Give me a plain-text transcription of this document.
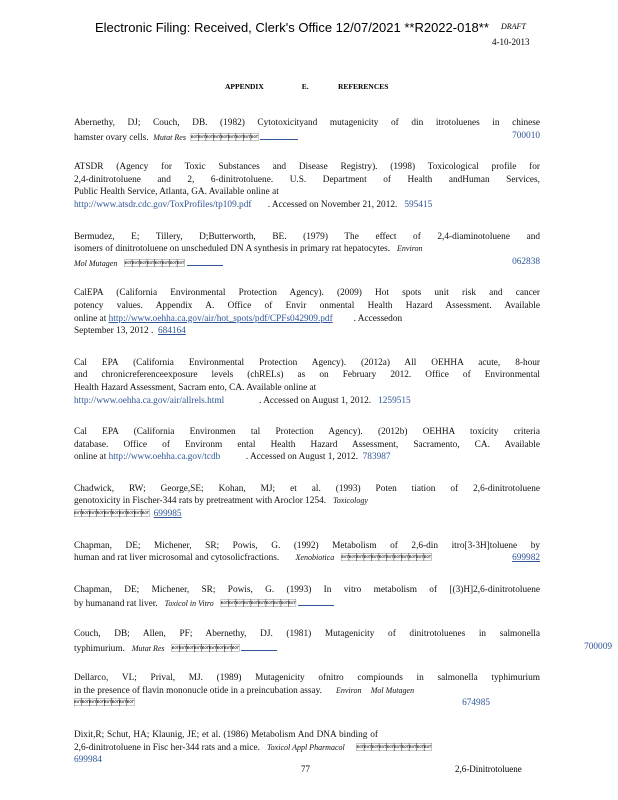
Electronic Filing: Received, Clerk's Office 12/07/2021 **R2022-018** DRAFT
4-10-2013
APPENDIX	E.	REFERENCES
Abernethy, DJ; Couch, DB. (1982) Cytotoxicityand mutagenicity of din itrotoluenes in chinese
hamster ovary cells. Mutat Res 	700010
ATSDR (Agency for Toxic Substances and Disease Registry). (1998) Toxicological profile for
2,4-dinitrotoluene and 2, 6-dinitrotoluene. U.S. Department of Health andHuman Services,
Public Health Service, Atlanta, GA. Available online at
http://www.atsdr.cdc.gov/ToxProfiles/tp109.pdf . Accessed on November 21, 2012. 595415
Bermudez, E; Tillery, D;Butterworth, BE. (1979) The effect of 2,4-diaminotoluene and
isomers of dinitrotoluene on unscheduled DN A synthesis in primary rat hepatocytes. Environ
Mol Mutagen 	062838
CalEPA (California Environmental Protection Agency). (2009) Hot spots unit risk and cancer
potency values. Appendix A. Office of Envir onmental Health Hazard Assessment. Available
online at http://www.oehha.ca.gov/air/hot_spots/pdf/CPFs042909.pdf . Accessedon
September 13, 2012 . 684164
Cal EPA (California Environmental Protection Agency). (2012a) All OEHHA acute, 8-hour
and chronicreferenceexposure levels (chRELs) as on February 2012. Office of Environmental
Health Hazard Assessment, Sacram ento, CA. Available online at
http://www.oehha.ca.gov/air/allrels.html	. Accessed on August 1, 2012. 1259515
Cal EPA (California Environmen tal Protection Agency). (2012b) OEHHA toxicity criteria
database. Office of Environm ental Health Hazard Assessment, Sacramento, CA. Available
online at http://www.oehha.ca.gov/tcdb	. Accessed on August 1, 2012. 783987
Chadwick, RW; George,SE; Kohan, MJ; et al. (1993) Poten tiation of 2,6-dinitrotoluene
genotoxicity in Fischer-344 rats by pretreatment with Aroclor 1254. Toxicology
 699985
Chapman, DE; Michener, SR; Powis, G. (1992) Metabolism of 2,6-din itro[3-3H]toluene by
human and rat liver microsomal and cytosolicfractions. Xenobiotica 	699982
Chapman, DE; Michener, SR; Powis, G. (1993) In vitro metabolism of [(3)H]2,6-dinitrotoluene
by humanand rat liver. Toxicol in Vitro 
Couch, DB; Allen, PF; Abernethy, DJ. (1981) Mutagenicity of dinitrotoluenes in salmonella
typhimurium. Mutat Res 	700009
Dellarco, VL; Prival, MJ. (1989) Mutagenicity ofnitro compiounds in salmonella typhimurium
in the presence of flavin mononucle otide in a preincubation assay. Environ Mol Mutagen
	674985
Dixit,R; Schut, HA; Klaunig, JE; et al. (1986) Metabolism And DNA binding of
2,6-dinitrotoluene in Fisc her-344 rats and a mice. Toxicol Appl Pharmacol 
699984
77	2,6-Dinitrotoluene
